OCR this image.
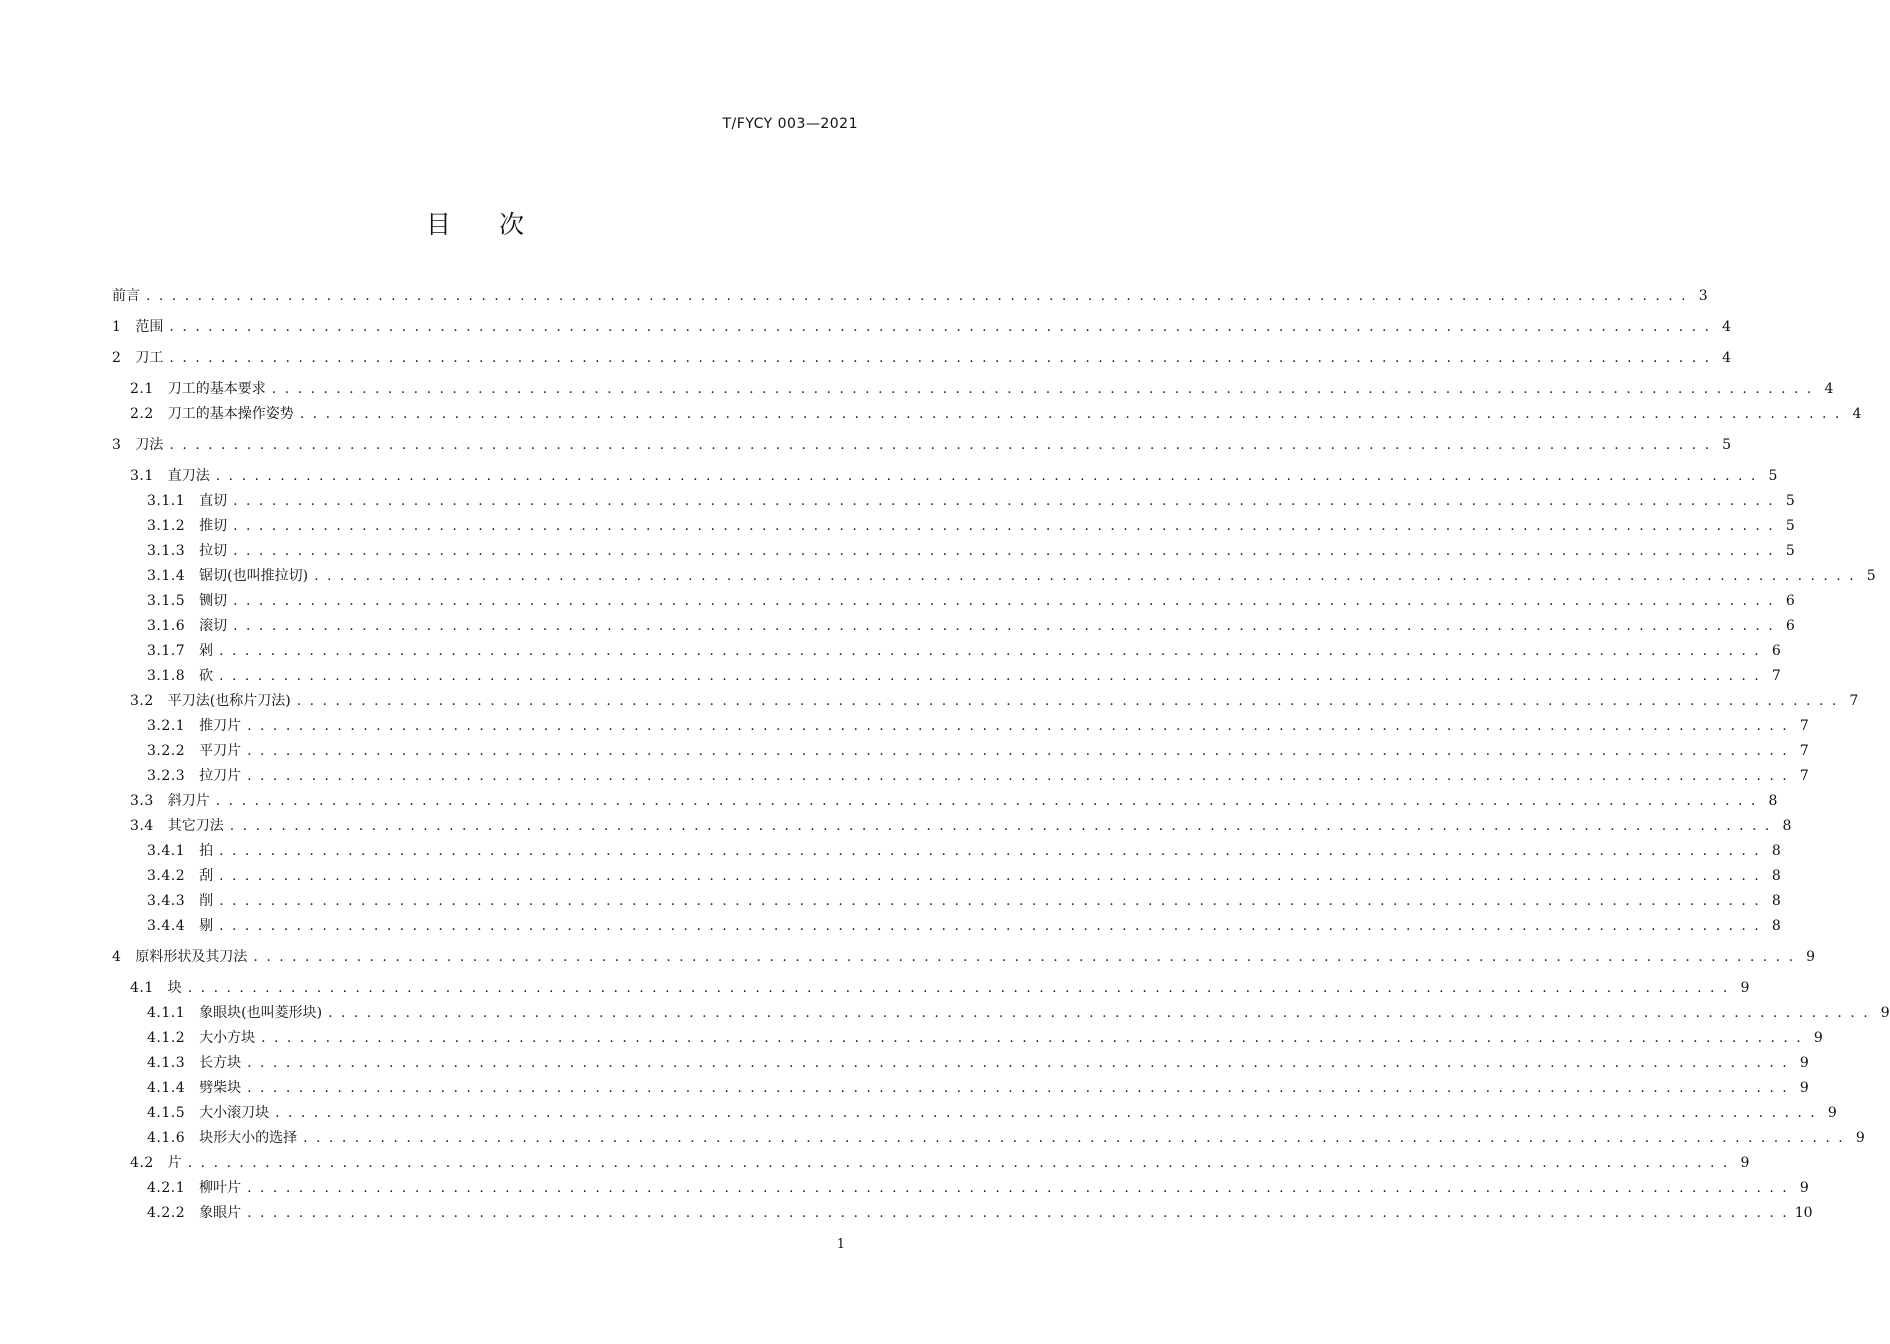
T/FYCY 003—2021
目 次
前言 . . . . . . . . . . . . . . . . . . . . . . . . . . . . . . . . . . . . . . . . . . . . . . . . . . . . . . . . . . . . . . . . . . . . . . . . . . . . . . . . . . . . . . . . . . . . . . . . . . . . . . . . . . . . . . . . . . . . . . . . 3
1 范围 . . . . . . . . . . . . . . . . . . . . . . . . . . . . . . . . . . . . . . . . . . . . . . . . . . . . . . . . . . . . . . . . . . . . . . . . . . . . . . . . . . . . . . . . . . . . . . . . . . . . . . . . . . . . . . . . . . . . . . . . 4
2 刀工 . . . . . . . . . . . . . . . . . . . . . . . . . . . . . . . . . . . . . . . . . . . . . . . . . . . . . . . . . . . . . . . . . . . . . . . . . . . . . . . . . . . . . . . . . . . . . . . . . . . . . . . . . . . . . . . . . . . . . . . . 4
2.1 刀工的基本要求 . . . . . . . . . . . . . . . . . . . . . . . . . . . . . . . . . . . . . . . . . . . . . . . . . . . . . . . . . . . . . . . . . . . . . . . . . . . . . . . . . . . . . . . . . . . . . . . . . . . . . . . . . . . . . . . . . . . . . . . . 4
2.2 刀工的基本操作姿势 . . . . . . . . . . . . . . . . . . . . . . . . . . . . . . . . . . . . . . . . . . . . . . . . . . . . . . . . . . . . . . . . . . . . . . . . . . . . . . . . . . . . . . . . . . . . . . . . . . . . . . . . . . . . . . . . . . . . . . . . 4
3 刀法 . . . . . . . . . . . . . . . . . . . . . . . . . . . . . . . . . . . . . . . . . . . . . . . . . . . . . . . . . . . . . . . . . . . . . . . . . . . . . . . . . . . . . . . . . . . . . . . . . . . . . . . . . . . . . . . . . . . . . . . . 5
3.1 直刀法 . . . . . . . . . . . . . . . . . . . . . . . . . . . . . . . . . . . . . . . . . . . . . . . . . . . . . . . . . . . . . . . . . . . . . . . . . . . . . . . . . . . . . . . . . . . . . . . . . . . . . . . . . . . . . . . . . . . . . . . . 5
3.1.1 直切 . . . . . . . . . . . . . . . . . . . . . . . . . . . . . . . . . . . . . . . . . . . . . . . . . . . . . . . . . . . . . . . . . . . . . . . . . . . . . . . . . . . . . . . . . . . . . . . . . . . . . . . . . . . . . . . . . . . . . . . . 5
3.1.2 推切 . . . . . . . . . . . . . . . . . . . . . . . . . . . . . . . . . . . . . . . . . . . . . . . . . . . . . . . . . . . . . . . . . . . . . . . . . . . . . . . . . . . . . . . . . . . . . . . . . . . . . . . . . . . . . . . . . . . . . . . . 5
3.1.3 拉切 . . . . . . . . . . . . . . . . . . . . . . . . . . . . . . . . . . . . . . . . . . . . . . . . . . . . . . . . . . . . . . . . . . . . . . . . . . . . . . . . . . . . . . . . . . . . . . . . . . . . . . . . . . . . . . . . . . . . . . . . 5
3.1.4 锯切(也叫推拉切) . . . . . . . . . . . . . . . . . . . . . . . . . . . . . . . . . . . . . . . . . . . . . . . . . . . . . . . . . . . . . . . . . . . . . . . . . . . . . . . . . . . . . . . . . . . . . . . . . . . . . . . . . . . . . . . . . . . . . . . . 5
3.1.5 铡切 . . . . . . . . . . . . . . . . . . . . . . . . . . . . . . . . . . . . . . . . . . . . . . . . . . . . . . . . . . . . . . . . . . . . . . . . . . . . . . . . . . . . . . . . . . . . . . . . . . . . . . . . . . . . . . . . . . . . . . . . 6
3.1.6 滚切 . . . . . . . . . . . . . . . . . . . . . . . . . . . . . . . . . . . . . . . . . . . . . . . . . . . . . . . . . . . . . . . . . . . . . . . . . . . . . . . . . . . . . . . . . . . . . . . . . . . . . . . . . . . . . . . . . . . . . . . . 6
3.1.7 剁 . . . . . . . . . . . . . . . . . . . . . . . . . . . . . . . . . . . . . . . . . . . . . . . . . . . . . . . . . . . . . . . . . . . . . . . . . . . . . . . . . . . . . . . . . . . . . . . . . . . . . . . . . . . . . . . . . . . . . . . . 6
3.1.8 砍 . . . . . . . . . . . . . . . . . . . . . . . . . . . . . . . . . . . . . . . . . . . . . . . . . . . . . . . . . . . . . . . . . . . . . . . . . . . . . . . . . . . . . . . . . . . . . . . . . . . . . . . . . . . . . . . . . . . . . . . . 7
3.2 平刀法(也称片刀法) . . . . . . . . . . . . . . . . . . . . . . . . . . . . . . . . . . . . . . . . . . . . . . . . . . . . . . . . . . . . . . . . . . . . . . . . . . . . . . . . . . . . . . . . . . . . . . . . . . . . . . . . . . . . . . . . . . . . . . . . 7
3.2.1 推刀片 . . . . . . . . . . . . . . . . . . . . . . . . . . . . . . . . . . . . . . . . . . . . . . . . . . . . . . . . . . . . . . . . . . . . . . . . . . . . . . . . . . . . . . . . . . . . . . . . . . . . . . . . . . . . . . . . . . . . . . . . 7
3.2.2 平刀片 . . . . . . . . . . . . . . . . . . . . . . . . . . . . . . . . . . . . . . . . . . . . . . . . . . . . . . . . . . . . . . . . . . . . . . . . . . . . . . . . . . . . . . . . . . . . . . . . . . . . . . . . . . . . . . . . . . . . . . . . 7
3.2.3 拉刀片 . . . . . . . . . . . . . . . . . . . . . . . . . . . . . . . . . . . . . . . . . . . . . . . . . . . . . . . . . . . . . . . . . . . . . . . . . . . . . . . . . . . . . . . . . . . . . . . . . . . . . . . . . . . . . . . . . . . . . . . . 7
3.3 斜刀片 . . . . . . . . . . . . . . . . . . . . . . . . . . . . . . . . . . . . . . . . . . . . . . . . . . . . . . . . . . . . . . . . . . . . . . . . . . . . . . . . . . . . . . . . . . . . . . . . . . . . . . . . . . . . . . . . . . . . . . . . 8
3.4 其它刀法 . . . . . . . . . . . . . . . . . . . . . . . . . . . . . . . . . . . . . . . . . . . . . . . . . . . . . . . . . . . . . . . . . . . . . . . . . . . . . . . . . . . . . . . . . . . . . . . . . . . . . . . . . . . . . . . . . . . . . . . . 8
3.4.1 拍 . . . . . . . . . . . . . . . . . . . . . . . . . . . . . . . . . . . . . . . . . . . . . . . . . . . . . . . . . . . . . . . . . . . . . . . . . . . . . . . . . . . . . . . . . . . . . . . . . . . . . . . . . . . . . . . . . . . . . . . . 8
3.4.2 刮 . . . . . . . . . . . . . . . . . . . . . . . . . . . . . . . . . . . . . . . . . . . . . . . . . . . . . . . . . . . . . . . . . . . . . . . . . . . . . . . . . . . . . . . . . . . . . . . . . . . . . . . . . . . . . . . . . . . . . . . . 8
3.4.3 削 . . . . . . . . . . . . . . . . . . . . . . . . . . . . . . . . . . . . . . . . . . . . . . . . . . . . . . . . . . . . . . . . . . . . . . . . . . . . . . . . . . . . . . . . . . . . . . . . . . . . . . . . . . . . . . . . . . . . . . . . 8
3.4.4 剔 . . . . . . . . . . . . . . . . . . . . . . . . . . . . . . . . . . . . . . . . . . . . . . . . . . . . . . . . . . . . . . . . . . . . . . . . . . . . . . . . . . . . . . . . . . . . . . . . . . . . . . . . . . . . . . . . . . . . . . . . 8
4 原料形状及其刀法 . . . . . . . . . . . . . . . . . . . . . . . . . . . . . . . . . . . . . . . . . . . . . . . . . . . . . . . . . . . . . . . . . . . . . . . . . . . . . . . . . . . . . . . . . . . . . . . . . . . . . . . . . . . . . . . . . . . . . . . . 9
4.1 块 . . . . . . . . . . . . . . . . . . . . . . . . . . . . . . . . . . . . . . . . . . . . . . . . . . . . . . . . . . . . . . . . . . . . . . . . . . . . . . . . . . . . . . . . . . . . . . . . . . . . . . . . . . . . . . . . . . . . . . . . 9
4.1.1 象眼块(也叫菱形块) . . . . . . . . . . . . . . . . . . . . . . . . . . . . . . . . . . . . . . . . . . . . . . . . . . . . . . . . . . . . . . . . . . . . . . . . . . . . . . . . . . . . . . . . . . . . . . . . . . . . . . . . . . . . . . . . . . . . . . . . 9
4.1.2 大小方块 . . . . . . . . . . . . . . . . . . . . . . . . . . . . . . . . . . . . . . . . . . . . . . . . . . . . . . . . . . . . . . . . . . . . . . . . . . . . . . . . . . . . . . . . . . . . . . . . . . . . . . . . . . . . . . . . . . . . . . . . 9
4.1.3 长方块 . . . . . . . . . . . . . . . . . . . . . . . . . . . . . . . . . . . . . . . . . . . . . . . . . . . . . . . . . . . . . . . . . . . . . . . . . . . . . . . . . . . . . . . . . . . . . . . . . . . . . . . . . . . . . . . . . . . . . . . . 9
4.1.4 劈柴块 . . . . . . . . . . . . . . . . . . . . . . . . . . . . . . . . . . . . . . . . . . . . . . . . . . . . . . . . . . . . . . . . . . . . . . . . . . . . . . . . . . . . . . . . . . . . . . . . . . . . . . . . . . . . . . . . . . . . . . . . 9
4.1.5 大小滚刀块 . . . . . . . . . . . . . . . . . . . . . . . . . . . . . . . . . . . . . . . . . . . . . . . . . . . . . . . . . . . . . . . . . . . . . . . . . . . . . . . . . . . . . . . . . . . . . . . . . . . . . . . . . . . . . . . . . . . . . . . . 9
4.1.6 块形大小的选择 . . . . . . . . . . . . . . . . . . . . . . . . . . . . . . . . . . . . . . . . . . . . . . . . . . . . . . . . . . . . . . . . . . . . . . . . . . . . . . . . . . . . . . . . . . . . . . . . . . . . . . . . . . . . . . . . . . . . . . . . 9
4.2 片 . . . . . . . . . . . . . . . . . . . . . . . . . . . . . . . . . . . . . . . . . . . . . . . . . . . . . . . . . . . . . . . . . . . . . . . . . . . . . . . . . . . . . . . . . . . . . . . . . . . . . . . . . . . . . . . . . . . . . . . . 9
4.2.1 柳叶片 . . . . . . . . . . . . . . . . . . . . . . . . . . . . . . . . . . . . . . . . . . . . . . . . . . . . . . . . . . . . . . . . . . . . . . . . . . . . . . . . . . . . . . . . . . . . . . . . . . . . . . . . . . . . . . . . . . . . . . . . 9
4.2.2 象眼片 . . . . . . . . . . . . . . . . . . . . . . . . . . . . . . . . . . . . . . . . . . . . . . . . . . . . . . . . . . . . . . . . . . . . . . . . . . . . . . . . . . . . . . . . . . . . . . . . . . . . . . . . . . . . . . . . . . . . . . . . 10
1
